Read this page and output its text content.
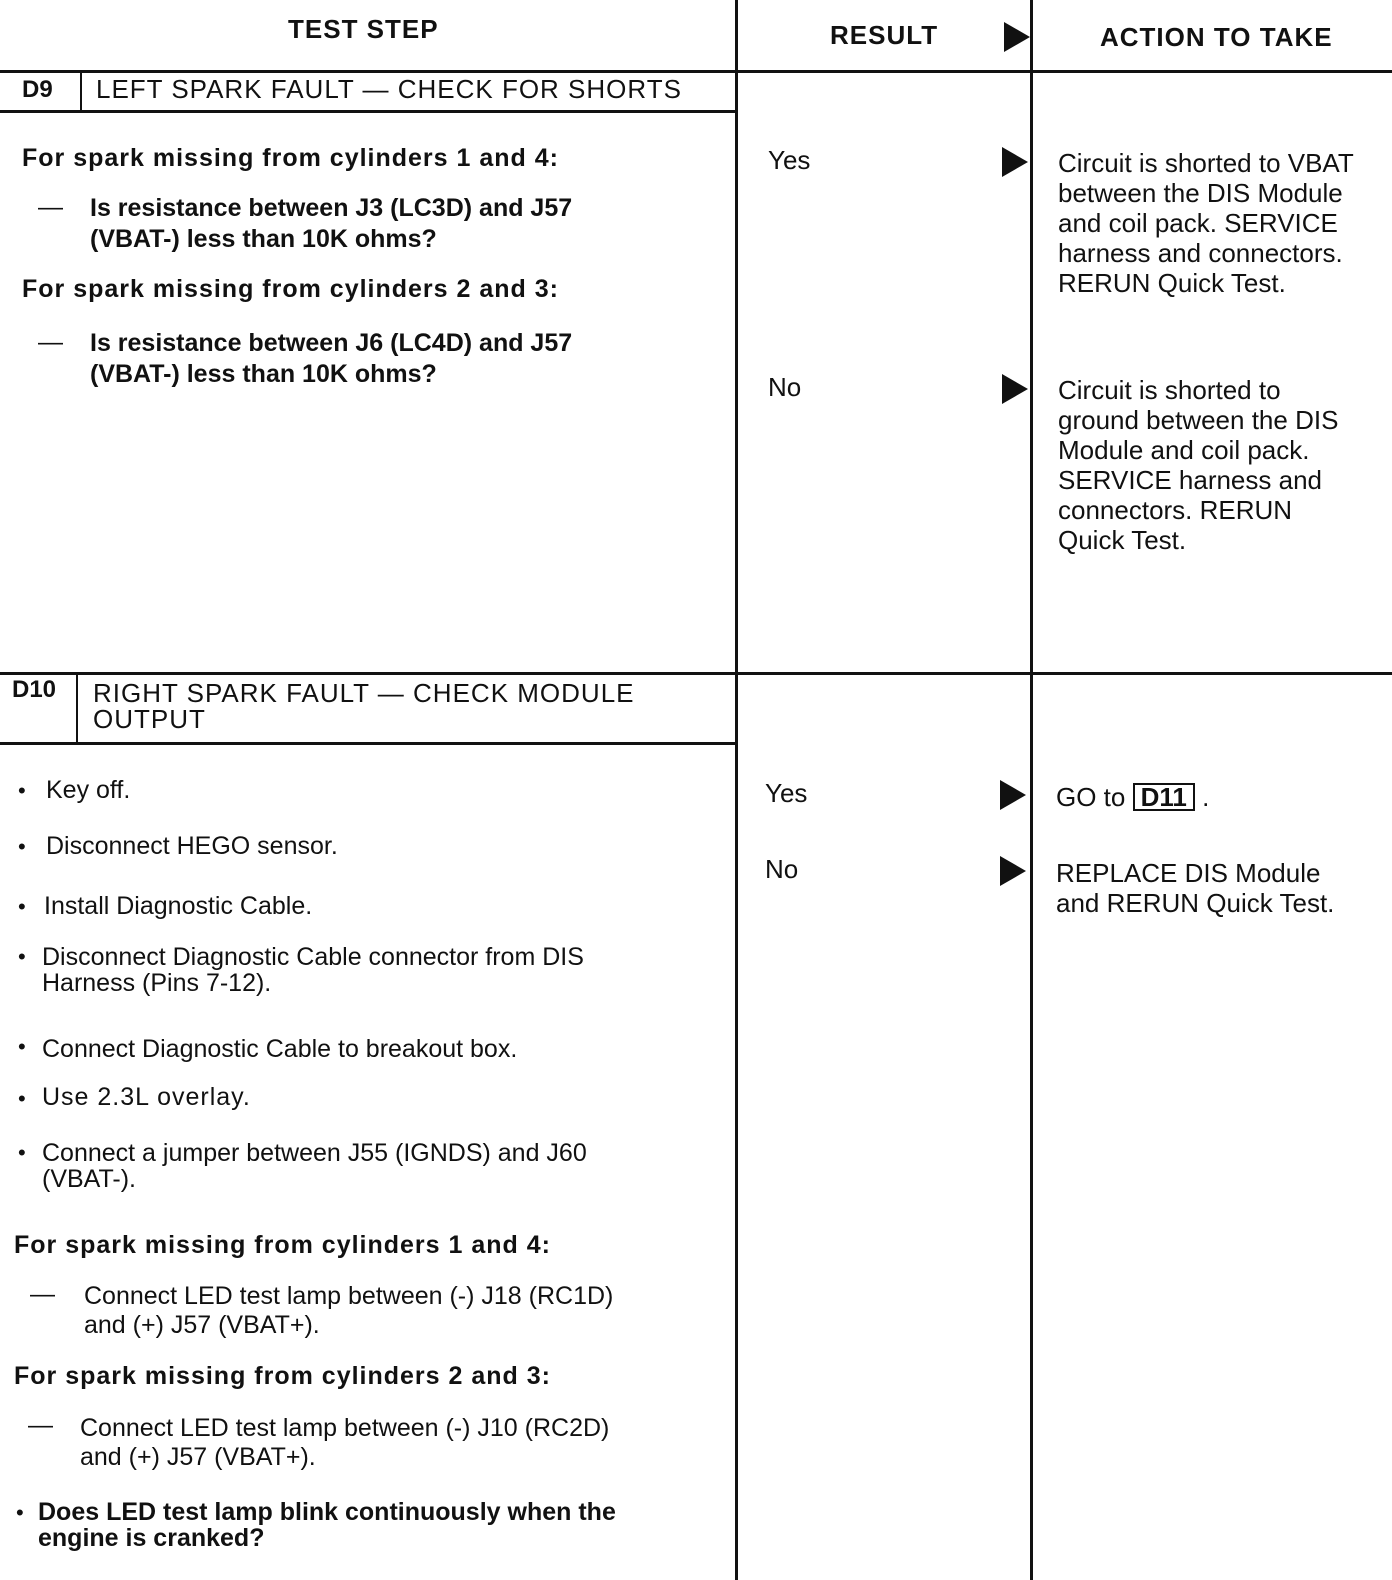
TEST STEP	RESULT	ACTION TO TAKE
D9 LEFT SPARK FAULT — CHECK FOR SHORTS
For spark missing from cylinders 1 and 4:
— Is resistance between J3 (LC3D) and J57
(VBAT-) less than 10K ohms?
For spark missing from cylinders 2 and 3:
— Is resistance between J6 (LC4D) and J57
(VBAT-) less than 10K ohms?
Yes	Circuit is shorted to VBAT between the DIS Module and coil pack. SERVICE harness and connectors. RERUN Quick Test.
No	Circuit is shorted to ground between the DIS Module and coil pack. SERVICE harness and connectors. RERUN Quick Test.
D10 RIGHT SPARK FAULT — CHECK MODULE
OUTPUT
• Key off.
• Disconnect HEGO sensor.
• Install Diagnostic Cable.
• Disconnect Diagnostic Cable connector from DIS
Harness (Pins 7-12).
• Connect Diagnostic Cable to breakout box.
• Use 2.3L overlay.
• Connect a jumper between J55 (IGNDS) and J60
(VBAT-).
For spark missing from cylinders 1 and 4:
— Connect LED test lamp between (-) J18 (RC1D)
and (+) J57 (VBAT+).
For spark missing from cylinders 2 and 3:
— Connect LED test lamp between (-) J10 (RC2D)
and (+) J57 (VBAT+).
• Does LED test lamp blink continuously when the
engine is cranked?
Yes	GO to D11 .
No	REPLACE DIS Module and RERUN Quick Test.
